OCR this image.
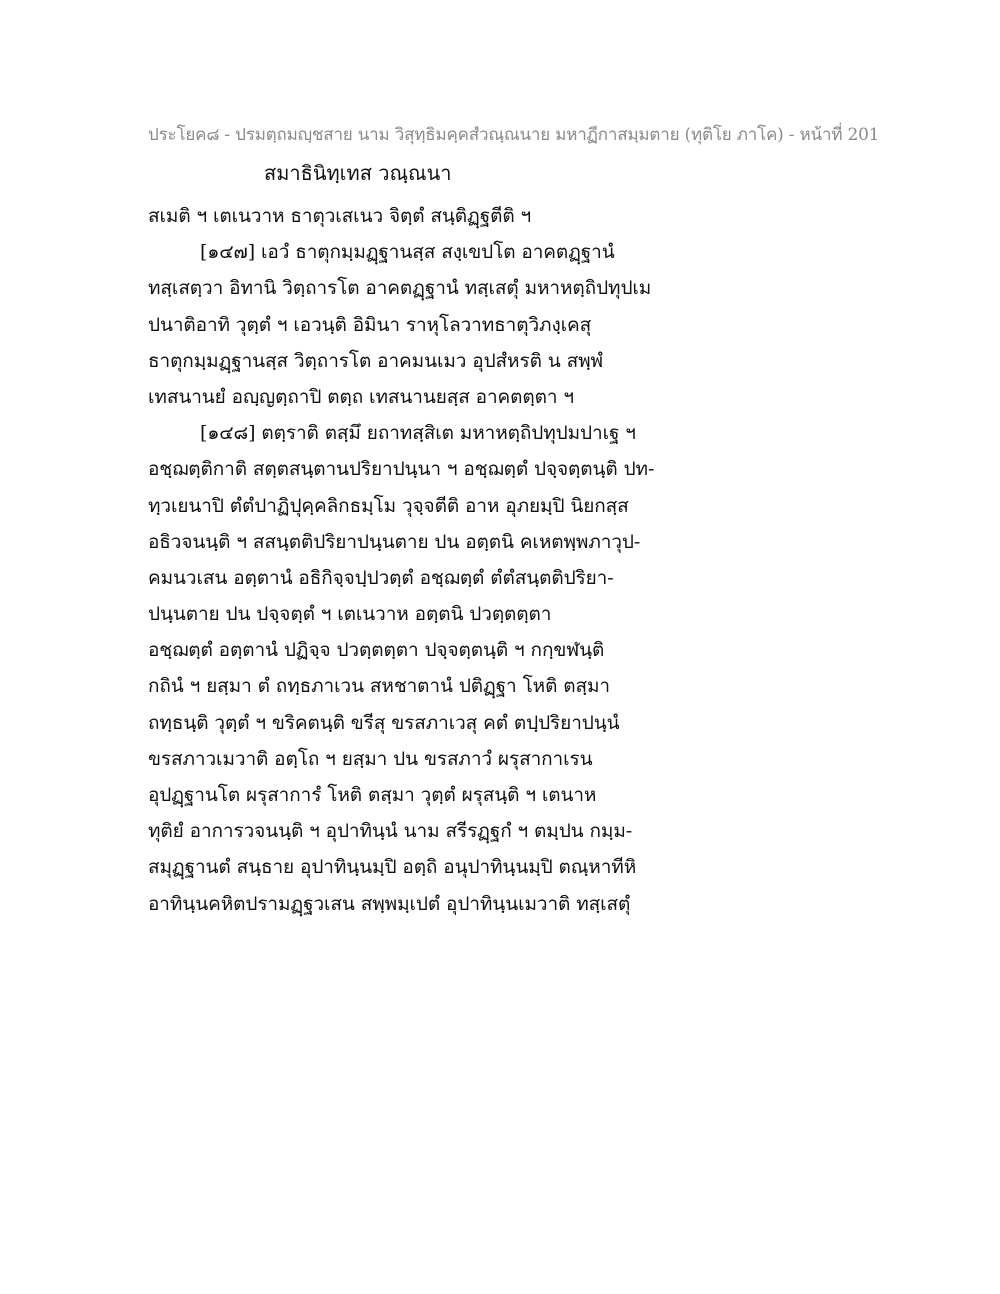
ประโยค๘ - ปรมตฺถมญฺชสาย นาม วิสุทฺธิมคฺคสํวณฺณนาย มหาฏีกาสมฺมตาย (ทุติโย ภาโค) - หน้าที่ 201
สมาธินิทฺเทส วณฺณนา
สเมติ ฯ เตเนวาห ธาตุวเสเนว จิตฺตํ สนฺติฏฺฐตีติ ฯ
[๑๔๗] เอวํ ธาตุกมฺมฏฺฐานสฺส สงฺเขปโต อาคตฏฺฐานํ
ทสฺเสตฺวา อิทานิ วิตฺถารโต อาคตฏฺฐานํ ทสฺเสตุํ มหาหตฺถิปทุปเม
ปนาติอาทิ วุตฺตํ ฯ เอวนฺติ อิมินา ราหุโลวาทธาตุวิภงฺเคสุ
ธาตุกมฺมฏฺฐานสฺส วิตฺถารโต อาคมนเมว อุปสํหรติ น สพฺพํ
เทสนานยํ อญฺญตฺถาปิ ตตฺถ เทสนานยสฺส อาคตตฺตา ฯ
[๑๔๘] ตตฺราติ ตสฺมึ ยถาทสฺสิเต มหาหตฺถิปทุปมปาเฐ ฯ
อชฺฌตฺติกาติ สตฺตสนฺตานปริยาปนฺนา ฯ อชฺฌตฺตํ ปจฺจตฺตนฺติ ปท-
ทฺวเยนาปิ ตํตํปาฏิปุคฺคลิกธมฺโม วุจฺจตีติ อาห อุภยมฺปิ นิยกสฺส
อธิวจนนฺติ ฯ สสนฺตติปริยาปนฺนตาย ปน อตฺตนิ คเหตพฺพภาวุป-
คมนวเสน อตฺตานํ อธิกิจฺจปฺปวตฺตํ อชฺฌตฺตํ ตํตํสนฺตติปริยา-
ปนฺนตาย ปน ปจฺจตฺตํ ฯ เตเนวาห อตฺตนิ ปวตฺตตฺตา
อชฺฌตฺตํ อตฺตานํ ปฏิจฺจ ปวตฺตตฺตา ปจฺจตฺตนฺติ ฯ กกฺขฬนฺติ
กถินํ ฯ ยสฺมา ตํ ถทฺธภาเวน สหชาตานํ ปติฏฺฐา โหติ ตสฺมา
ถทฺธนฺติ วุตฺตํ ฯ ขริคตนฺติ ขรีสุ ขรสภาเวสุ คตํ ตปฺปริยาปนฺนํ
ขรสภาวเมวาติ อตฺโถ ฯ ยสฺมา ปน ขรสภาวํ ผรุสากาเรน
อุปฏฺฐานโต ผรุสาการํ โหติ ตสฺมา วุตฺตํ ผรุสนฺติ ฯ เตนาห
ทุติยํ อาการวจนนฺติ ฯ อุปาทินฺนํ นาม สรีรฏฺฐกํ ฯ ตมฺปน กมฺม-
สมุฏฺฐานตํ สนฺธาย อุปาทินฺนมฺปิ อตฺถิ อนุปาทินฺนมฺปิ ตณฺหาทีหิ
อาทินฺนคหิตปรามฏฺฐวเสน สพฺพมฺเปตํ อุปาทินฺนเมวาติ ทสฺเสตุํ
